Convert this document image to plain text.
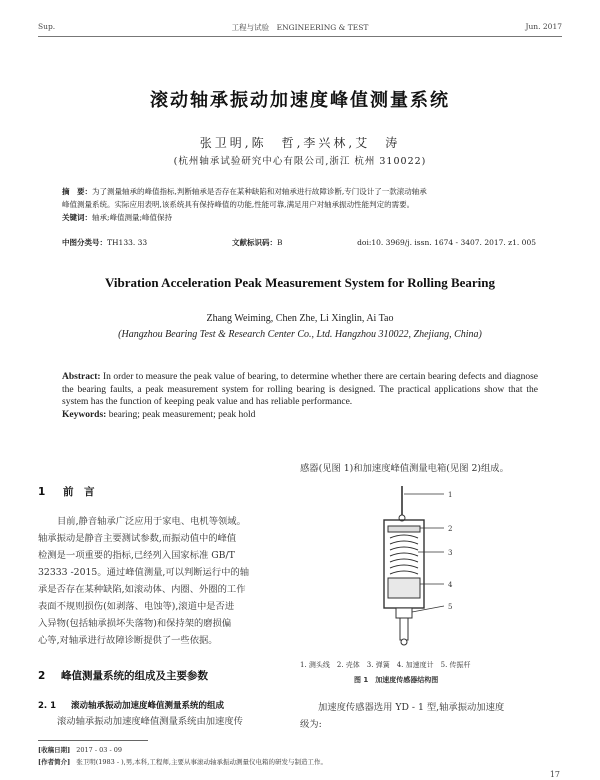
Sup.	工程与试验　ENGINEERING & TEST	Jun. 2017
滚动轴承振动加速度峰值测量系统
张卫明,陈　哲,李兴林,艾　涛
(杭州轴承试验研究中心有限公司,浙江 杭州 310022)
摘　要：为了测量轴承的峰值指标,判断轴承是否存在某种缺陷和对轴承进行故障诊断,专门设计了一款滚动轴承
峰值测量系统。实际应用表明,该系统具有保持峰值的功能,性能可靠,满足用户对轴承振动性能判定的需要。
关键词：轴承;峰值测量;峰值保持
中图分类号：TH133. 33	文献标识码：B	doi:10. 3969/j. issn. 1674 - 3407. 2017. z1. 005
Vibration Acceleration Peak Measurement System for Rolling Bearing
Zhang Weiming, Chen Zhe, Li Xinglin, Ai Tao
(Hangzhou Bearing Test & Research Center Co., Ltd. Hangzhou 310022, Zhejiang, China)
Abstract: In order to measure the peak value of bearing, to determine whether there are certain bearing defects and diagnose the bearing faults, a peak measurement system for rolling bearing is designed. The practical applications show that the system has the function of keeping peak value and has reliable performance.
Keywords: bearing; peak measurement; peak hold
1 前　言
目前,静音轴承广泛应用于家电、电机等领域。
轴承振动是静音主要测试参数,而振动值中的峰值
检测是一项重要的指标,已经列入国家标准 GB/T
32333 -2015。通过峰值测量,可以判断运行中的轴
承是否存在某种缺陷,如滚动体、内圈、外圈的工作
表面不规则损伤(如剥落、电蚀等),滚道中是否进
入异物(包括轴承损坏失落物)和保持架的磨损偏
心等,对轴承进行故障诊断提供了一些依据。
2 峰值测量系统的组成及主要参数
2. 1 滚动轴承振动加速度峰值测量系统的组成
滚动轴承振动加速度峰值测量系统由加速度传
感器(见图 1)和加速度峰值测量电箱(见图 2)组成。
1
2
3
4
5
1. 测头线　2. 壳体　3. 弹簧　4. 加速度计　5. 传振杆
图 1　加速度传感器结构图
加速度传感器选用 YD - 1 型,轴承振动加速度
级为:
[收稿日期] 2017 - 03 - 09
[作者简介] 张卫明(1983 - ),男,本科,工程师,主要从事滚动轴承振动测量仪电箱的研发与制造工作。
17
